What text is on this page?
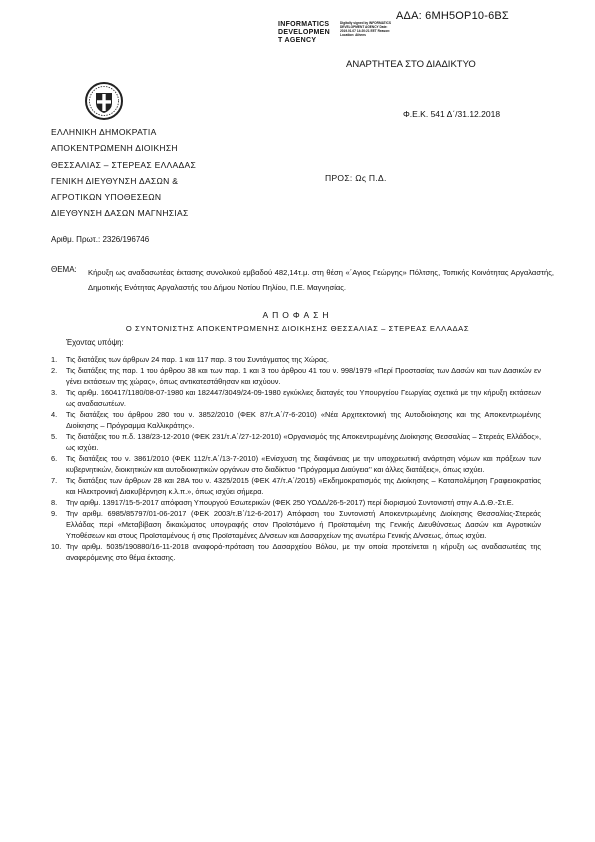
ΑΔΑ: 6ΜΗ5ΟΡ10-6ΒΣ
INFORMATICS
DEVELOPMEN
T AGENCY
Digitally signed by INFORMATICS DEVELOPMENT AGENCY Date: 2019.01.07 14:20:21 EET Reason: Location: Athens
ΑΝΑΡΤΗΤΕΑ ΣΤΟ ΔΙΑΔΙΚΤΥΟ
Φ.Ε.Κ. 541 Δ΄/31.12.2018
ΕΛΛΗΝΙΚΗ ΔΗΜΟΚΡΑΤΙΑ
ΑΠΟΚΕΝΤΡΩΜΕΝΗ ΔΙΟΙΚΗΣΗ
ΘΕΣΣΑΛΙΑΣ – ΣΤΕΡΕΑΣ ΕΛΛΑΔΑΣ
ΓΕΝΙΚΗ ΔΙΕΥΘΥΝΣΗ ΔΑΣΩΝ &
ΑΓΡΟΤΙΚΩΝ ΥΠΟΘΕΣΕΩΝ
ΔΙΕΥΘΥΝΣΗ ΔΑΣΩΝ ΜΑΓΝΗΣΙΑΣ
ΠΡΟΣ: Ως Π.Δ.
Αριθμ. Πρωτ.: 2326/196746
ΘΕΜΑ: Κήρυξη ως αναδασωτέας έκτασης συνολικού εμβαδού 482,14τ.μ. στη θέση «΄Αγιος Γεώργης» Πόλτσης, Τοπικής Κοινότητας Αργαλαστής, Δημοτικής Ενότητας Αργαλαστής του Δήμου Νοτίου Πηλίου, Π.Ε. Μαγνησίας.
ΑΠΟΦΑΣΗ
Ο ΣΥΝΤΟΝΙΣΤΗΣ ΑΠΟΚΕΝΤΡΩΜΕΝΗΣ ΔΙΟΙΚΗΣΗΣ ΘΕΣΣΑΛΙΑΣ – ΣΤΕΡΕΑΣ ΕΛΛΑΔΑΣ
Έχοντας υπόψη:
1. Τις διατάξεις των άρθρων 24 παρ. 1 και 117 παρ. 3 του Συντάγματος της Χώρας.
2. Τις διατάξεις της παρ. 1 του άρθρου 38 και των παρ. 1 και 3 του άρθρου 41 του ν. 998/1979 «Περί Προστασίας των Δασών και των Δασικών εν γένει εκτάσεων της χώρας», όπως αντικατεστάθησαν και ισχύουν.
3. Τις αριθμ. 160417/1180/08-07-1980 και 182447/3049/24-09-1980 εγκύκλιες διαταγές του Υπουργείου Γεωργίας σχετικά με την κήρυξη εκτάσεων ως αναδασωτέων.
4. Τις διατάξεις του άρθρου 280 του ν. 3852/2010 (ΦΕΚ 87/τ.Α΄/7-6-2010) «Νέα Αρχιτεκτονική της Αυτοδιοίκησης και της Αποκεντρωμένης Διοίκησης – Πρόγραμμα Καλλικράτης».
5. Τις διατάξεις του π.δ. 138/23-12-2010 (ΦΕΚ 231/τ.Α΄/27-12-2010) «Οργανισμός της Αποκεντρωμένης Διοίκησης Θεσσαλίας – Στερεάς Ελλάδος», ως ισχύει.
6. Τις διατάξεις του ν. 3861/2010 (ΦΕΚ 112/τ.Α΄/13-7-2010) «Ενίσχυση της διαφάνειας με την υποχρεωτική ανάρτηση νόμων και πράξεων των κυβερνητικών, διοικητικών και αυτοδιοικητικών οργάνων στο διαδίκτυο ‘‘Πρόγραμμα Διαύγεια’’ και άλλες διατάξεις», όπως ισχύει.
7. Τις διατάξεις των άρθρων 28 και 28Α του ν. 4325/2015 (ΦΕΚ 47/τ.Α΄/2015) «Εκδημοκρατισμός της Διοίκησης – Καταπολέμηση Γραφειοκρατίας και Ηλεκτρονική Διακυβέρνηση κ.λ.π.», όπως ισχύει σήμερα.
8. Την αριθμ. 13917/15-5-2017 απόφαση Υπουργού Εσωτερικών (ΦΕΚ 250 ΥΟΔΔ/26-5-2017) περί διορισμού Συντονιστή στην Α.Δ.Θ.-Στ.Ε.
9. Την αριθμ. 6985/85797/01-06-2017 (ΦΕΚ 2003/τ.Β΄/12-6-2017) Απόφαση του Συντονιστή Αποκεντρωμένης Διοίκησης Θεσσαλίας-Στερεάς Ελλάδας περί «Μεταβίβαση δικαιώματος υπογραφής στον Προϊστάμενο ή Προϊσταμένη της Γενικής Διευθύνσεως Δασών και Αγροτικών Υποθέσεων και στους Προϊσταμένους ή στις Προϊσταμένες Δ/νσεων και Δασαρχείων της ανωτέρω Γενικής Δ/νσεως, όπως ισχύει.
10. Την αριθμ. 5035/190880/16-11-2018 αναφορά-πρόταση του Δασαρχείου Βόλου, με την οποία προτείνεται η κήρυξη ως αναδασωτέας της αναφερόμενης στο θέμα έκτασης.
